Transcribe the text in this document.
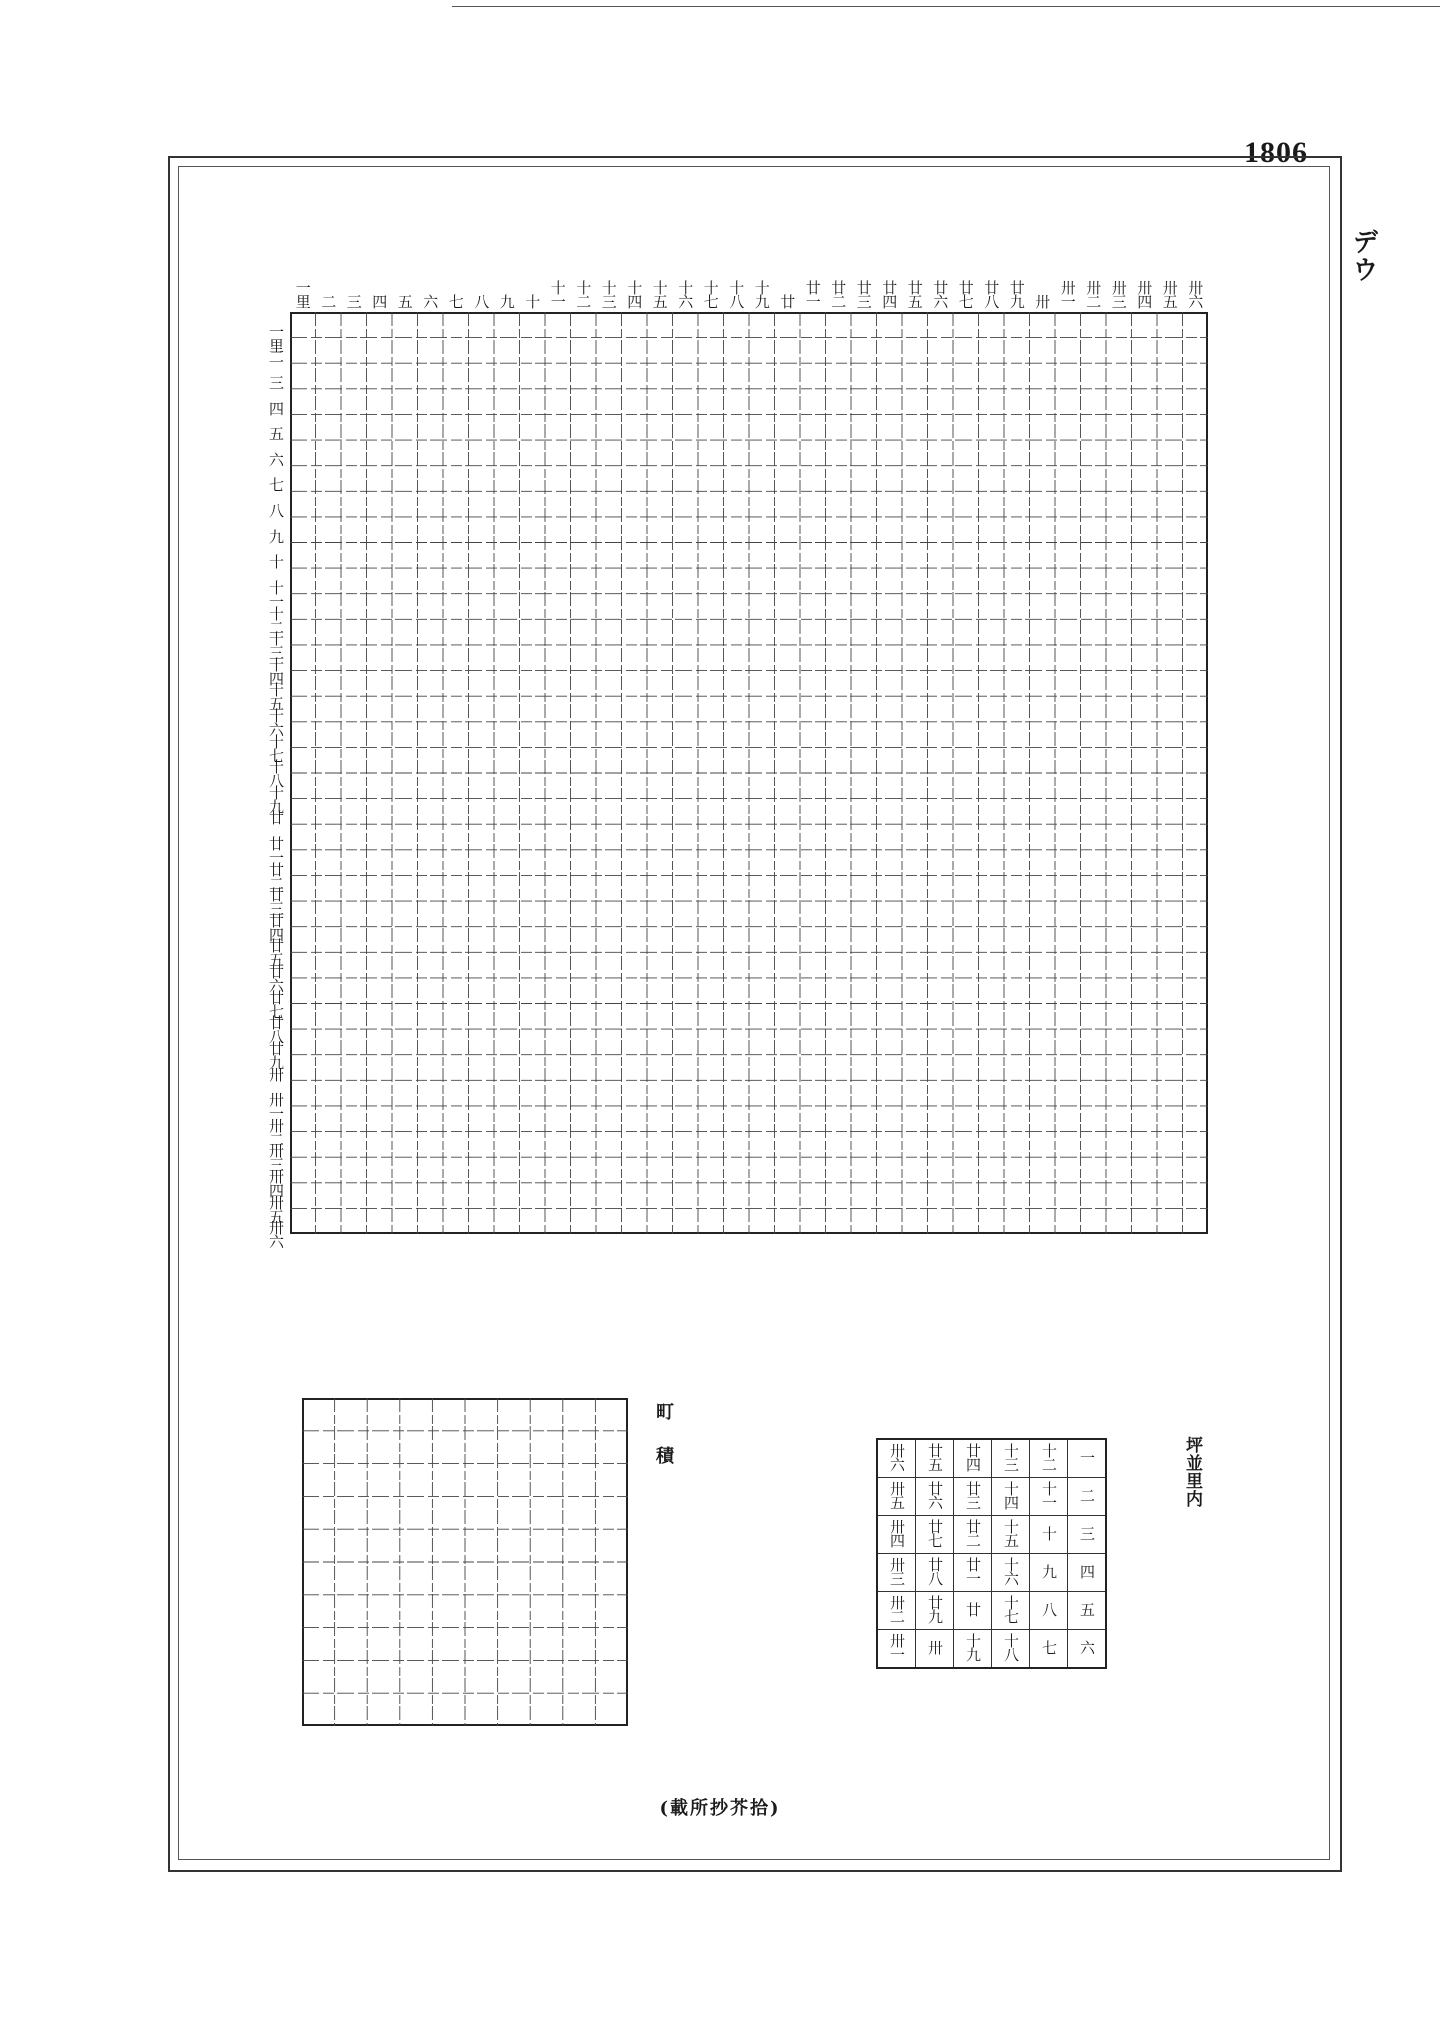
1806
デウ
一里 二 三 四 五 六 七 八 九 十 十一 十二 十三 十四 十五 十六 十七 十八 十九 廿 廿一 廿二 廿三 廿四 廿五 廿六 廿七 廿八 廿九 卅 卅一 卅二 卅三 卅四 卅五 卅六
一里
二
三
四
五
六
七
八
九
十
十一
十二
十三
十四
十五
十六
十七
十八
十九
廿
廿一
廿二
廿三
廿四
廿五
廿六
廿七
廿八
廿九
卅
卅一
卅二
卅三
卅四
卅五
卅六
町積	坪並里内
卅六	廿五	廿四	十三	十二	一
卅五	廿六	廿三	十四	十一	二
卅四	廿七	廿二	十五	十	三
卅三	廿八	廿一	十六	九	四
卅二	廿九	廿	十七	八	五
卅一	卅	十九	十八	七	六
(載所抄芥拾)
